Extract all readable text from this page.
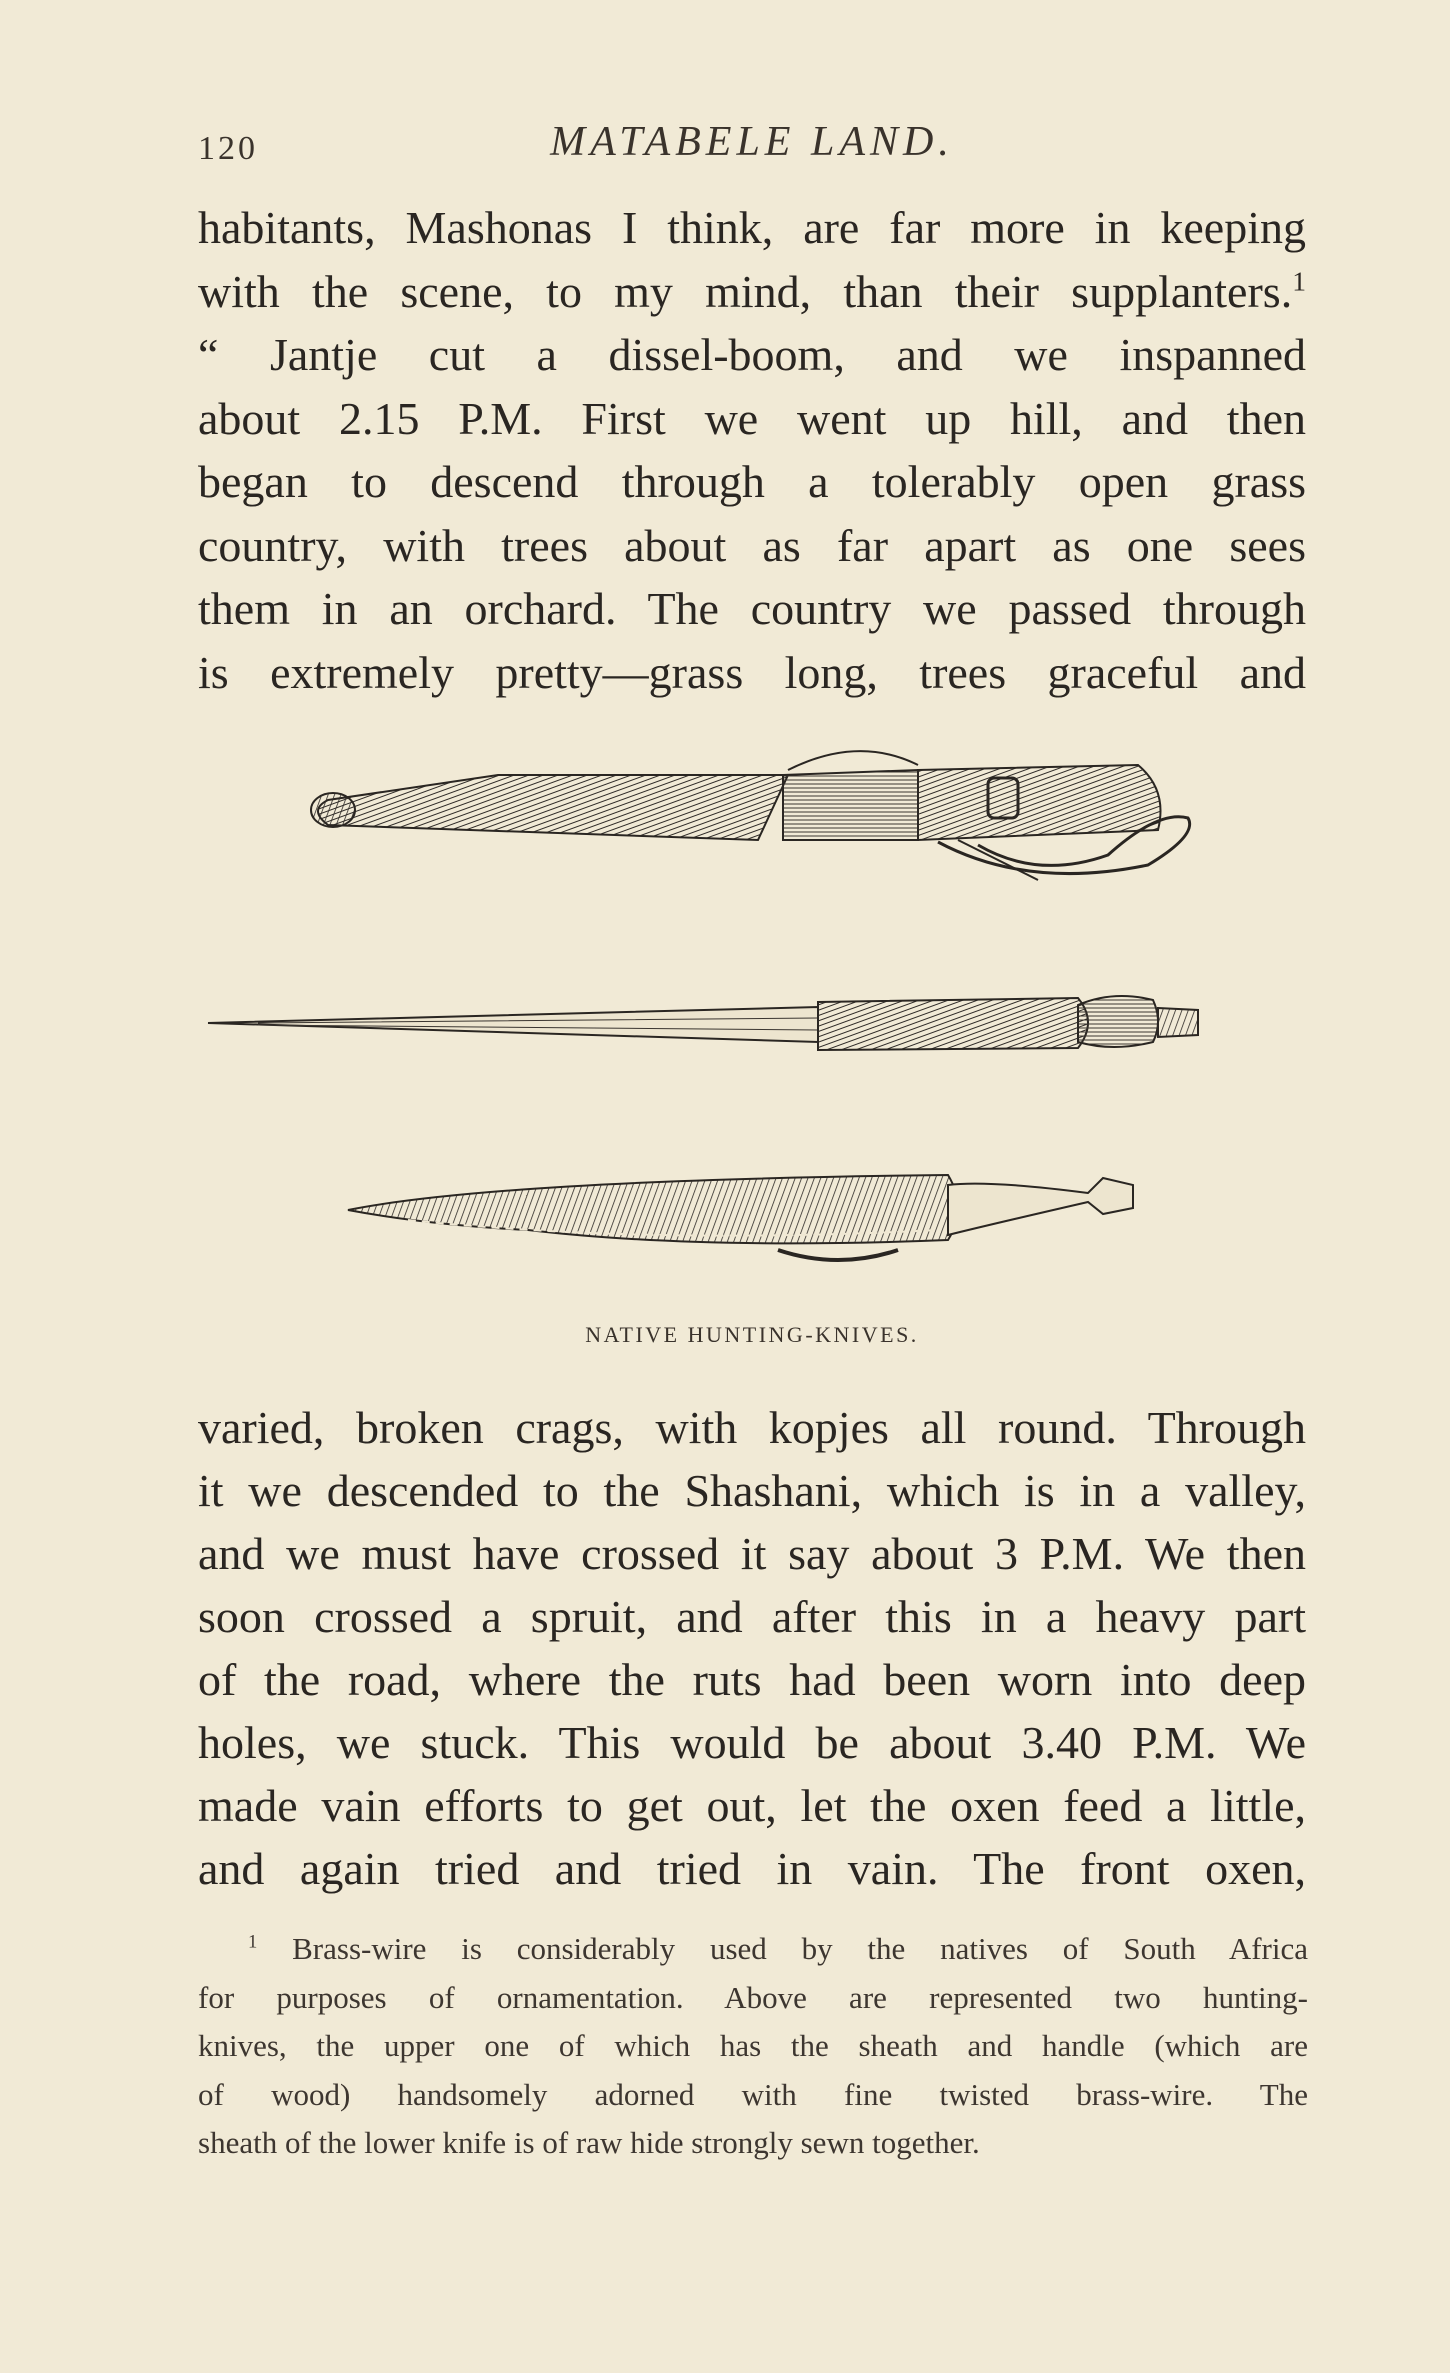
120	MATABELE LAND.
habitants, Mashonas I think, are far more in keeping
with the scene, to my mind, than their supplanters.$^1$
“ Jantje cut a dissel-boom, and we inspanned
about 2.15 P.M. First we went up hill, and then
began to descend through a tolerably open grass
country, with trees about as far apart as one sees
them in an orchard. The country we passed through
is extremely pretty—grass long, trees graceful and
NATIVE HUNTING-KNIVES.
varied, broken crags, with kopjes all round. Through
it we descended to the Shashani, which is in a valley,
and we must have crossed it say about 3 P.M. We then
soon crossed a spruit, and after this in a heavy part
of the road, where the ruts had been worn into deep
holes, we stuck. This would be about 3.40 P.M. We
made vain efforts to get out, let the oxen feed a little,
and again tried and tried in vain. The front oxen,
$^1$ Brass-wire is considerably used by the natives of South Africa
for purposes of ornamentation. Above are represented two hunting-
knives, the upper one of which has the sheath and handle (which are
of wood) handsomely adorned with fine twisted brass-wire. The
sheath of the lower knife is of raw hide strongly sewn together.
